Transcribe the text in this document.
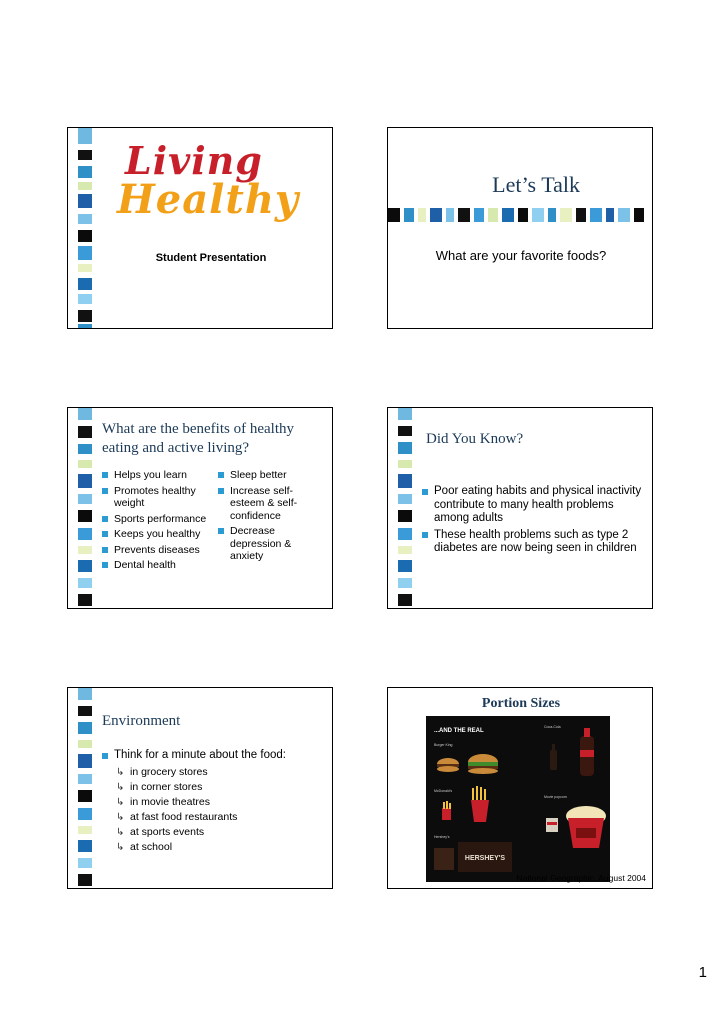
Living
Healthy
Student Presentation
Let’s Talk
What are your favorite foods?
What are the benefits of healthy eating and active living?
Helps you learn
Promotes healthy weight
Sports performance
Keeps you healthy
Prevents diseases
Dental health
Sleep better
Increase self-esteem & self-confidence
Decrease depression & anxiety
Did You Know?
Poor eating habits and physical inactivity contribute to many health problems among adults
These health problems such as type 2 diabetes are now being seen in children
Environment
Think for a minute about the food:
↳ in grocery stores
↳ in corner stores
↳ in movie theatres
↳ at fast food restaurants
↳ at sports events
↳ at school
Portion Sizes
...AND THE REAL
Burger King
McDonald's
Hershey's
HERSHEY'S
Coca-Cola
Movie popcorn
National Geographic, August 2004
1
